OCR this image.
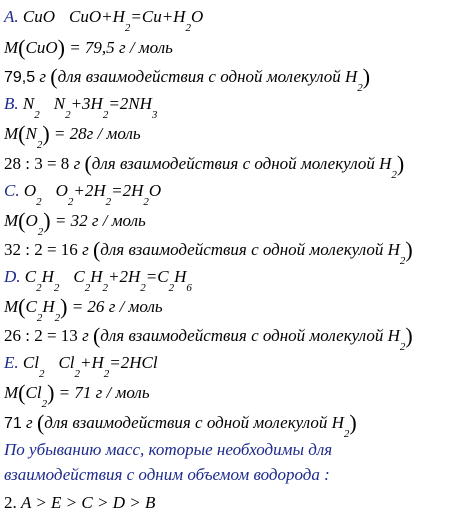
A. CuO $CuO+H_2=Cu+H_2O$
M(CuO) = 79,5 г / моль
79,5 г (для взаимодействия с одной молекулой $H_2$)
B. $N_2N_2+3H_2=2NH_3$
$M(N_2) = 28г$ / моль
28 : 3 = 8 г (для взаимодействия с одной молекулой $H_2$)
C. $O_2O_2+2H_2=2H_2O$
$M(O_2) = 32$ г / моль
32 : 2 = 16 г (для взаимодействия с одной молекулой $H_2$)
D. $C_2H_2C_2H_2+2H_2=C_2H_6$
$M(C_2H_2) = 26$ г / моль
26 : 2 = 13 г (для взаимодействия с одной молекулой $H_2$)
E. $Cl_2Cl_2+H_2=2HCl$
$M(Cl_2) = 71$ г / моль
71 г (для взаимодействия с одной молекулой $H_2$)
По убыванию масс, которые необходимы для
взаимодействия с одним объемом водорода :
2. A > E > C > D > B
